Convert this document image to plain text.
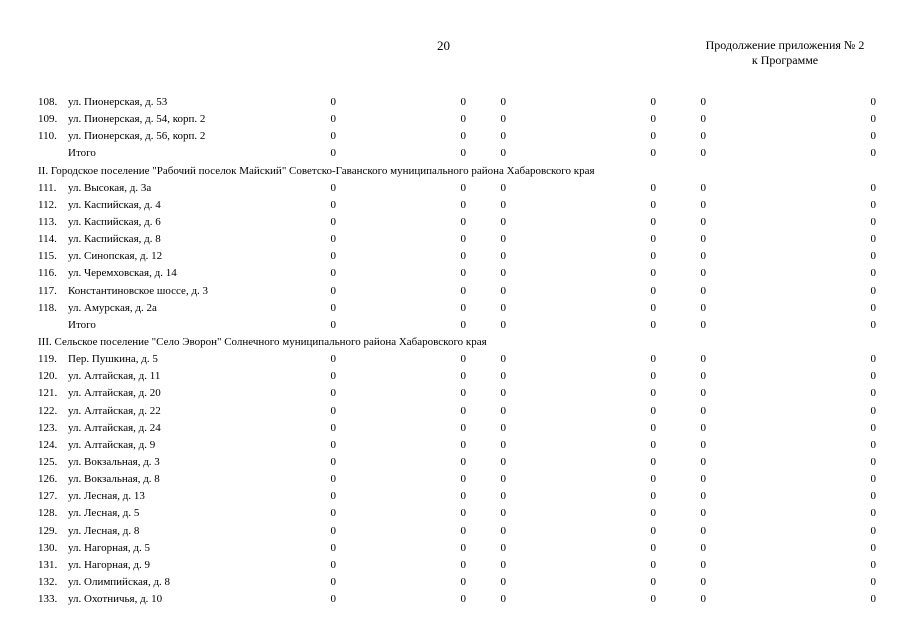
20	Продолжение приложения № 2
к Программе
108. ул. Пионерская, д. 53	0	0	0	0	0	0
109. ул. Пионерская, д. 54, корп. 2	0	0	0	0	0	0
110. ул. Пионерская, д. 56, корп. 2	0	0	0	0	0	0
Итого	0	0	0	0	0	0
II. Городское поселение "Рабочий поселок Майский" Советско-Гаванского муниципального района Хабаровского края
111. ул. Высокая, д. 3а	0	0	0	0	0	0
112. ул. Каспийская, д. 4	0	0	0	0	0	0
113. ул. Каспийская, д. 6	0	0	0	0	0	0
114. ул. Каспийская, д. 8	0	0	0	0	0	0
115. ул. Синопская, д. 12	0	0	0	0	0	0
116. ул. Черемховская, д. 14	0	0	0	0	0	0
117. Константиновское шоссе, д. 3	0	0	0	0	0	0
118. ул. Амурская, д. 2а	0	0	0	0	0	0
Итого	0	0	0	0	0	0
III. Сельское поселение "Село Эворон" Солнечного муниципального района Хабаровского края
119. Пер. Пушкина, д. 5	0	0	0	0	0	0
120. ул. Алтайская, д. 11	0	0	0	0	0	0
121. ул. Алтайская, д. 20	0	0	0	0	0	0
122. ул. Алтайская, д. 22	0	0	0	0	0	0
123. ул. Алтайская, д. 24	0	0	0	0	0	0
124. ул. Алтайская, д. 9	0	0	0	0	0	0
125. ул. Вокзальная, д. 3	0	0	0	0	0	0
126. ул. Вокзальная, д. 8	0	0	0	0	0	0
127. ул. Лесная, д. 13	0	0	0	0	0	0
128. ул. Лесная, д. 5	0	0	0	0	0	0
129. ул. Лесная, д. 8	0	0	0	0	0	0
130. ул. Нагорная, д. 5	0	0	0	0	0	0
131. ул. Нагорная, д. 9	0	0	0	0	0	0
132. ул. Олимпийская, д. 8	0	0	0	0	0	0
133. ул. Охотничья, д. 10	0	0	0	0	0	0
